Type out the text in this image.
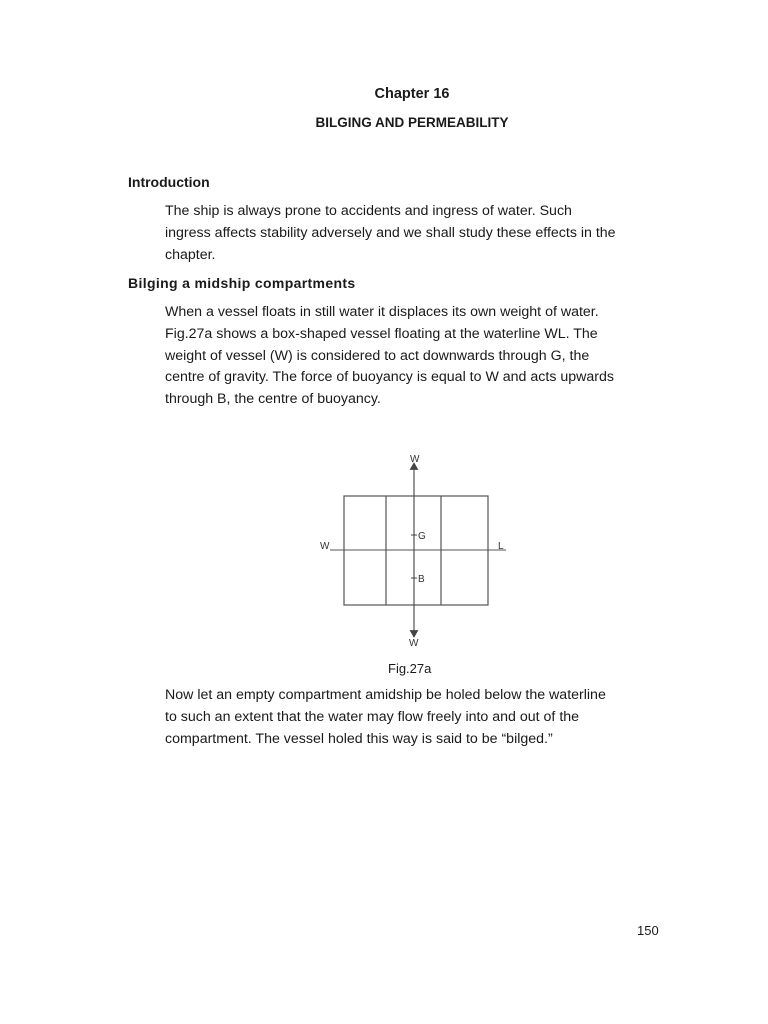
Chapter 16
BILGING AND PERMEABILITY
Introduction

The ship is always prone to accidents and ingress of water. Such
ingress affects stability adversely and we shall study these effects in the
chapter.

Bilging a midship compartments

When a vessel floats in still water it displaces its own weight of water.
Fig.27a shows a box-shaped vessel floating at the waterline WL. The
weight of vessel (W) is considered to act downwards through G, the
centre of gravity. The force of buoyancy is equal to W and acts upwards
through B, the centre of buoyancy.

W
W
W	L
G
B
Fig.27a

Now let an empty compartment amidship be holed below the waterline
to such an extent that the water may flow freely into and out of the
compartment. The vessel holed this way is said to be “bilged.”

150
